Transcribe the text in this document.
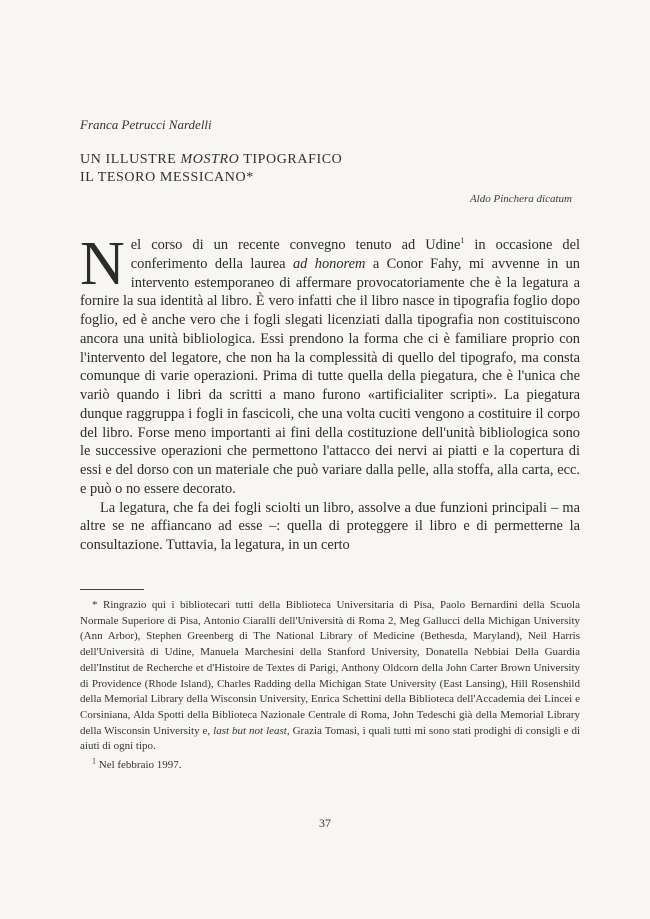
Franca Petrucci Nardelli
UN ILLUSTRE MOSTRO TIPOGRAFICO
IL TESORO MESSICANO*
Aldo Pinchera dicatum

Nel corso di un recente convegno tenuto ad Udine$^1$ in occasione del conferimento della laurea ad honorem a Conor Fahy, mi avvenne in un intervento estemporaneo di affermare provocatoriamente che è la legatura a fornire la sua identità al libro. È vero infatti che il libro nasce in tipografia foglio dopo foglio, ed è anche vero che i fogli slegati licenziati dalla tipografia non costituiscono ancora una unità bibliologica. Essi prendono la forma che ci è familiare proprio con l'intervento del legatore, che non ha la complessità di quello del tipografo, ma consta comunque di varie operazioni. Prima di tutte quella della piegatura, che è l'unica che variò quando i libri da scritti a mano furono «artificialiter scripti». La piegatura dunque raggruppa i fogli in fascicoli, che una volta cuciti vengono a costituire il corpo del libro. Forse meno importanti ai fini della costituzione dell'unità bibliologica sono le successive operazioni che permettono l'attacco dei nervi ai piatti e la copertura di essi e del dorso con un materiale che può variare dalla pelle, alla stoffa, alla carta, ecc. e può o no essere decorato.

La legatura, che fa dei fogli sciolti un libro, assolve a due funzioni principali – ma altre se ne affiancano ad esse –: quella di proteggere il libro e di permetterne la consultazione. Tuttavia, la legatura, in un certo

* Ringrazio qui i bibliotecari tutti della Biblioteca Universitaria di Pisa, Paolo Bernardini della Scuola Normale Superiore di Pisa, Antonio Ciaralli dell'Università di Roma 2, Meg Gallucci della Michigan University (Ann Arbor), Stephen Greenberg di The National Library of Medicine (Bethesda, Maryland), Neil Harris dell'Università di Udine, Manuela Marchesini della Stanford University, Donatella Nebbiai Della Guardia dell'Institut de Recherche et d'Histoire de Textes di Parigi, Anthony Oldcorn della John Carter Brown University di Providence (Rhode Island), Charles Radding della Michigan State University (East Lansing), Hill Rosenshild della Memorial Library della Wisconsin University, Enrica Schettini della Biblioteca dell'Accademia dei Lincei e Corsiniana, Alda Spotti della Biblioteca Nazionale Centrale di Roma, John Tedeschi già della Memorial Library della Wisconsin University e, last but not least, Grazia Tomasi, i quali tutti mi sono stati prodighi di consigli e di aiuti di ogni tipo.

$^1$ Nel febbraio 1997.

37
